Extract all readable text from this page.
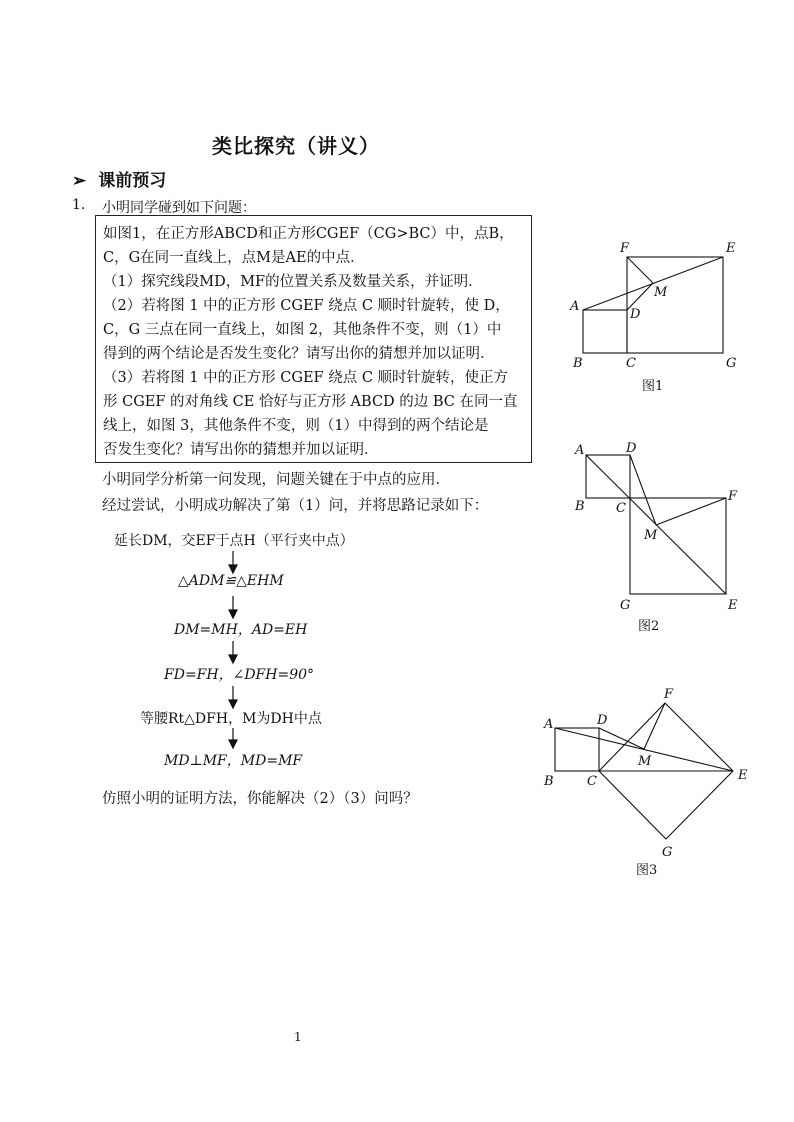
类比探究（讲义）
➢ 课前预习
1. 小明同学碰到如下问题：
如图1，在正方形ABCD和正方形CGEF（CG>BC）中，点B，
C，G在同一直线上，点M是AE的中点．
（1）探究线段MD，MF的位置关系及数量关系，并证明．
（2）若将图 1 中的正方形 CGEF 绕点 C 顺时针旋转，使 D，
C，G 三点在同一直线上，如图 2，其他条件不变，则（1）中
得到的两个结论是否发生变化？请写出你的猜想并加以证明．
（3）若将图 1 中的正方形 CGEF 绕点 C 顺时针旋转，使正方
形 CGEF 的对角线 CE 恰好与正方形 ABCD 的边 BC 在同一直
线上，如图 3，其他条件不变，则（1）中得到的两个结论是
否发生变化？请写出你的猜想并加以证明．
小明同学分析第一问发现，问题关键在于中点的应用．
经过尝试，小明成功解决了第（1）问，并将思路记录如下：
延长DM，交EF于点H（平行夹中点）
△ADM≌△EHM
DM=MH，AD=EH
FD=FH，∠DFH=90°
等腰Rt△DFH，M为DH中点
MD⊥MF，MD=MF
仿照小明的证明方法，你能解决（2）（3）问吗？
F	E
A
M
D
B	C	G
图1
A	D
B C
F
M
G	E
图2
F
A	D
M
B	C	E
G
图3
1
